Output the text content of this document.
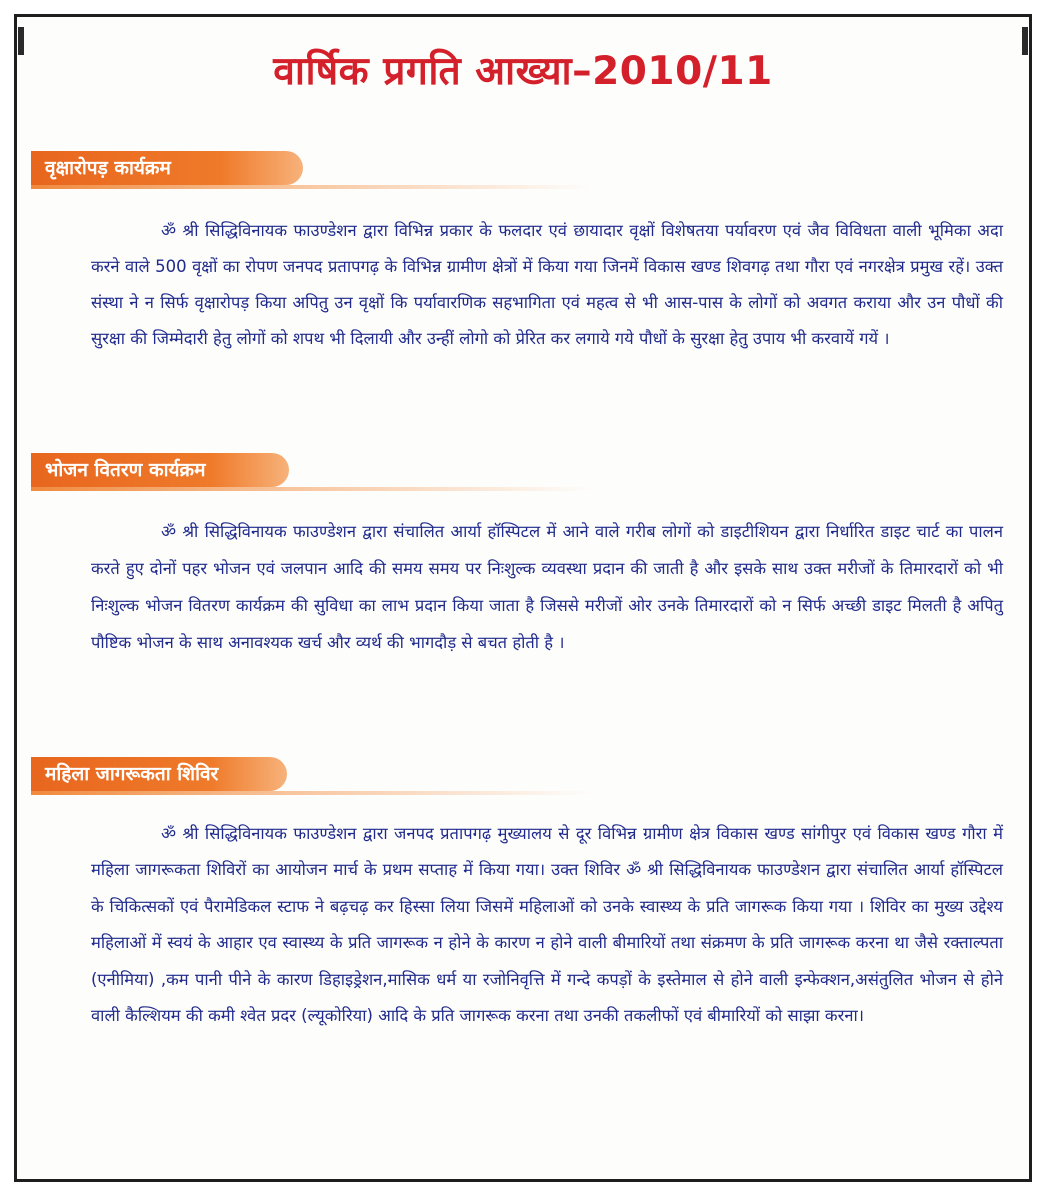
वार्षिक प्रगति आख्या–2010/11
वृक्षारोपड़ कार्यक्रम
ॐ श्री सिद्धिविनायक फाउण्डेशन द्वारा विभिन्न प्रकार के फलदार एवं छायादार वृक्षों विशेषतया पर्यावरण एवं जैव विविधता वाली भूमिका अदा करने वाले 500 वृक्षों का रोपण जनपद प्रतापगढ़ के विभिन्न ग्रामीण क्षेत्रों में किया गया जिनमें विकास खण्ड शिवगढ़ तथा गौरा एवं नगरक्षेत्र प्रमुख रहें। उक्त संस्था ने न सिर्फ वृक्षारोपड़ किया अपितु उन वृक्षों कि पर्यावारणिक सहभागिता एवं महत्व से भी आस-पास के लोगों को अवगत कराया और उन पौधों की सुरक्षा की जिम्मेदारी हेतु लोगों को शपथ भी दिलायी और उन्हीं लोगो को प्रेरित कर लगाये गये पौधों के सुरक्षा हेतु उपाय भी करवायें गयें ।
भोजन वितरण कार्यक्रम
ॐ श्री सिद्धिविनायक फाउण्डेशन द्वारा संचालित आर्या हॉस्पिटल में आने वाले गरीब लोगों को डाइटीशियन द्वारा निर्धारित डाइट चार्ट का पालन करते हुए दोनों पहर भोजन एवं जलपान आदि की समय समय पर निःशुल्क व्यवस्था प्रदान की जाती है और इसके साथ उक्त मरीजों के तिमारदारों को भी निःशुल्क भोजन वितरण कार्यक्रम की सुविधा का लाभ प्रदान किया जाता है जिससे मरीजों ओर उनके तिमारदारों को न सिर्फ अच्छी डाइट मिलती है अपितु पौष्टिक भोजन के साथ अनावश्यक खर्च और व्यर्थ की भागदौड़ से बचत होती है ।
महिला जागरूकता शिविर
ॐ श्री सिद्धिविनायक फाउण्डेशन द्वारा जनपद प्रतापगढ़ मुख्यालय से दूर विभिन्न ग्रामीण क्षेत्र विकास खण्ड सांगीपुर एवं विकास खण्ड गौरा में महिला जागरूकता शिविरों का आयोजन मार्च के प्रथम सप्ताह में किया गया। उक्त शिविर ॐ श्री सिद्धिविनायक फाउण्डेशन द्वारा संचालित आर्या हॉस्पिटल के चिकित्सकों एवं पैरामेडिकल स्टाफ ने बढ़चढ़ कर हिस्सा लिया जिसमें महिलाओं को उनके स्वास्थ्य के प्रति जागरूक किया गया । शिविर का मुख्य उद्देश्य महिलाओं में स्वयं के आहार एव स्वास्थ्य के प्रति जागरूक न होने के कारण न होने वाली बीमारियों तथा संक्रमण के प्रति जागरूक करना था जैसे रक्ताल्पता (एनीमिया) ,कम पानी पीने के कारण डिहाइड्रेशन,मासिक धर्म या रजोनिवृत्ति में गन्दे कपड़ों के इस्तेमाल से होने वाली इन्फेक्शन,असंतुलित भोजन से होने वाली कैल्शियम की कमी श्वेत प्रदर (ल्यूकोरिया) आदि के प्रति जागरूक करना तथा उनकी तकलीफों एवं बीमारियों को साझा करना।
